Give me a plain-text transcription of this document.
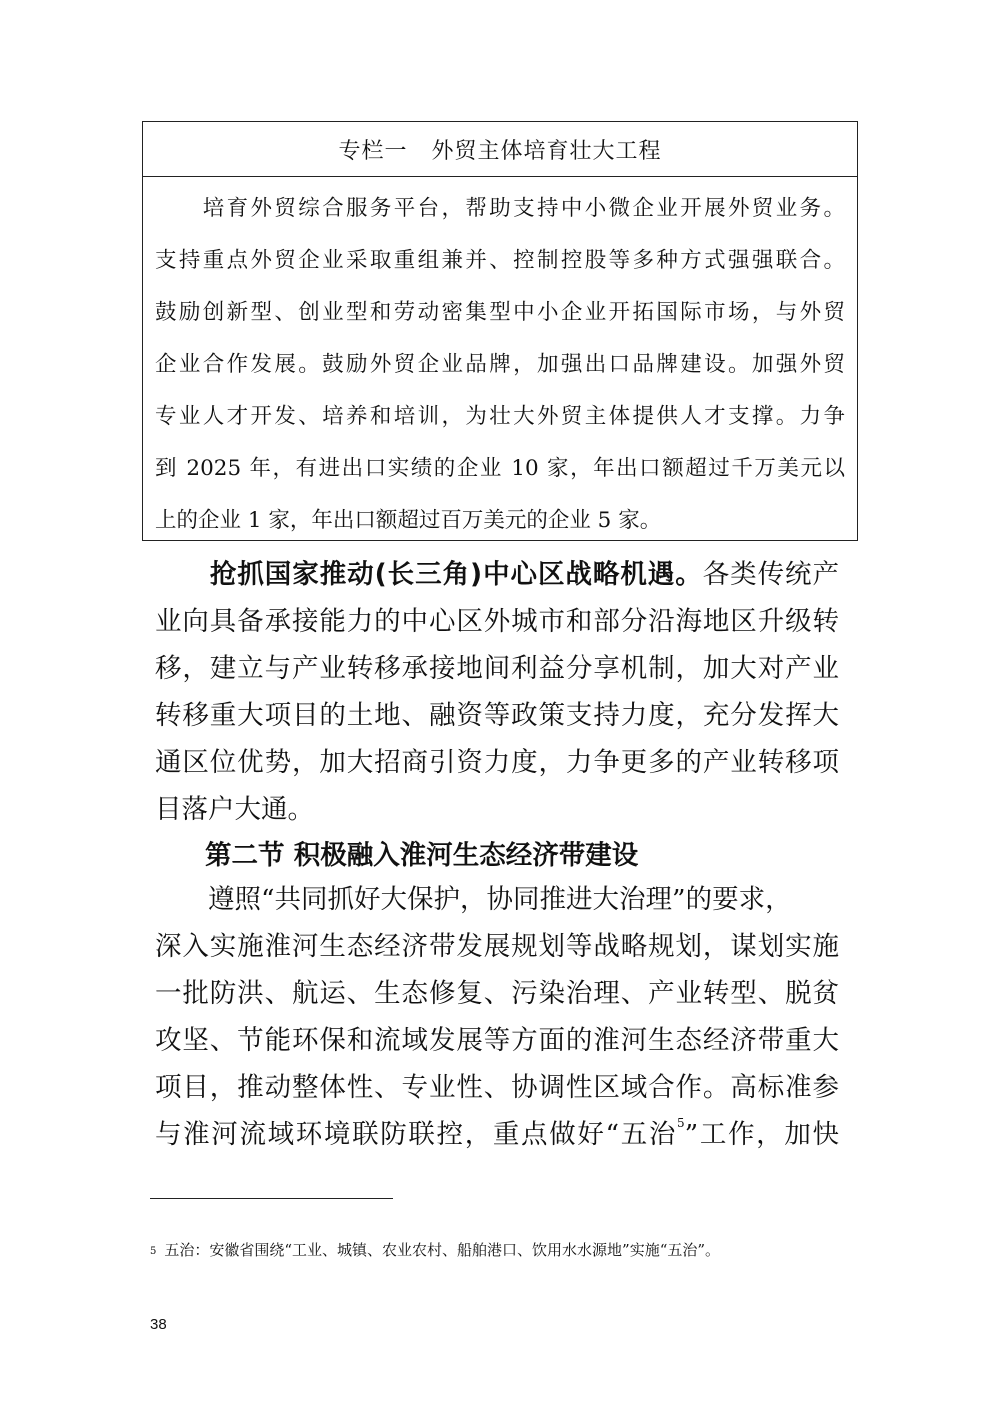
专栏一   外贸主体培育壮大工程
　　培育外贸综合服务平台，帮助支持中小微企业开展外贸业务。
支持重点外贸企业采取重组兼并、控制控股等多种方式强强联合。
鼓励创新型、创业型和劳动密集型中小企业开拓国际市场，与外贸
企业合作发展。鼓励外贸企业品牌，加强出口品牌建设。加强外贸
专业人才开发、培养和培训，为壮大外贸主体提供人才支撑。力争
到 2025 年，有进出口实绩的企业 10 家，年出口额超过千万美元以
上的企业 1 家，年出口额超过百万美元的企业 5 家。
　　抢抓国家推动(长三角)中心区战略机遇。各类传统产
业向具备承接能力的中心区外城市和部分沿海地区升级转
移，建立与产业转移承接地间利益分享机制，加大对产业
转移重大项目的土地、融资等政策支持力度，充分发挥大
通区位优势，加大招商引资力度，力争更多的产业转移项
目落户大通。
第二节 积极融入淮河生态经济带建设
　　遵照“共同抓好大保护，协同推进大治理”的要求，
深入实施淮河生态经济带发展规划等战略规划，谋划实施
一批防洪、航运、生态修复、污染治理、产业转型、脱贫
攻坚、节能环保和流域发展等方面的淮河生态经济带重大
项目，推动整体性、专业性、协调性区域合作。高标准参
与淮河流域环境联防联控，重点做好“五治$^5$”工作，加快
$^5$ 五治：安徽省围绕“工业、城镇、农业农村、船舶港口、饮用水水源地”实施“五治”。
38
